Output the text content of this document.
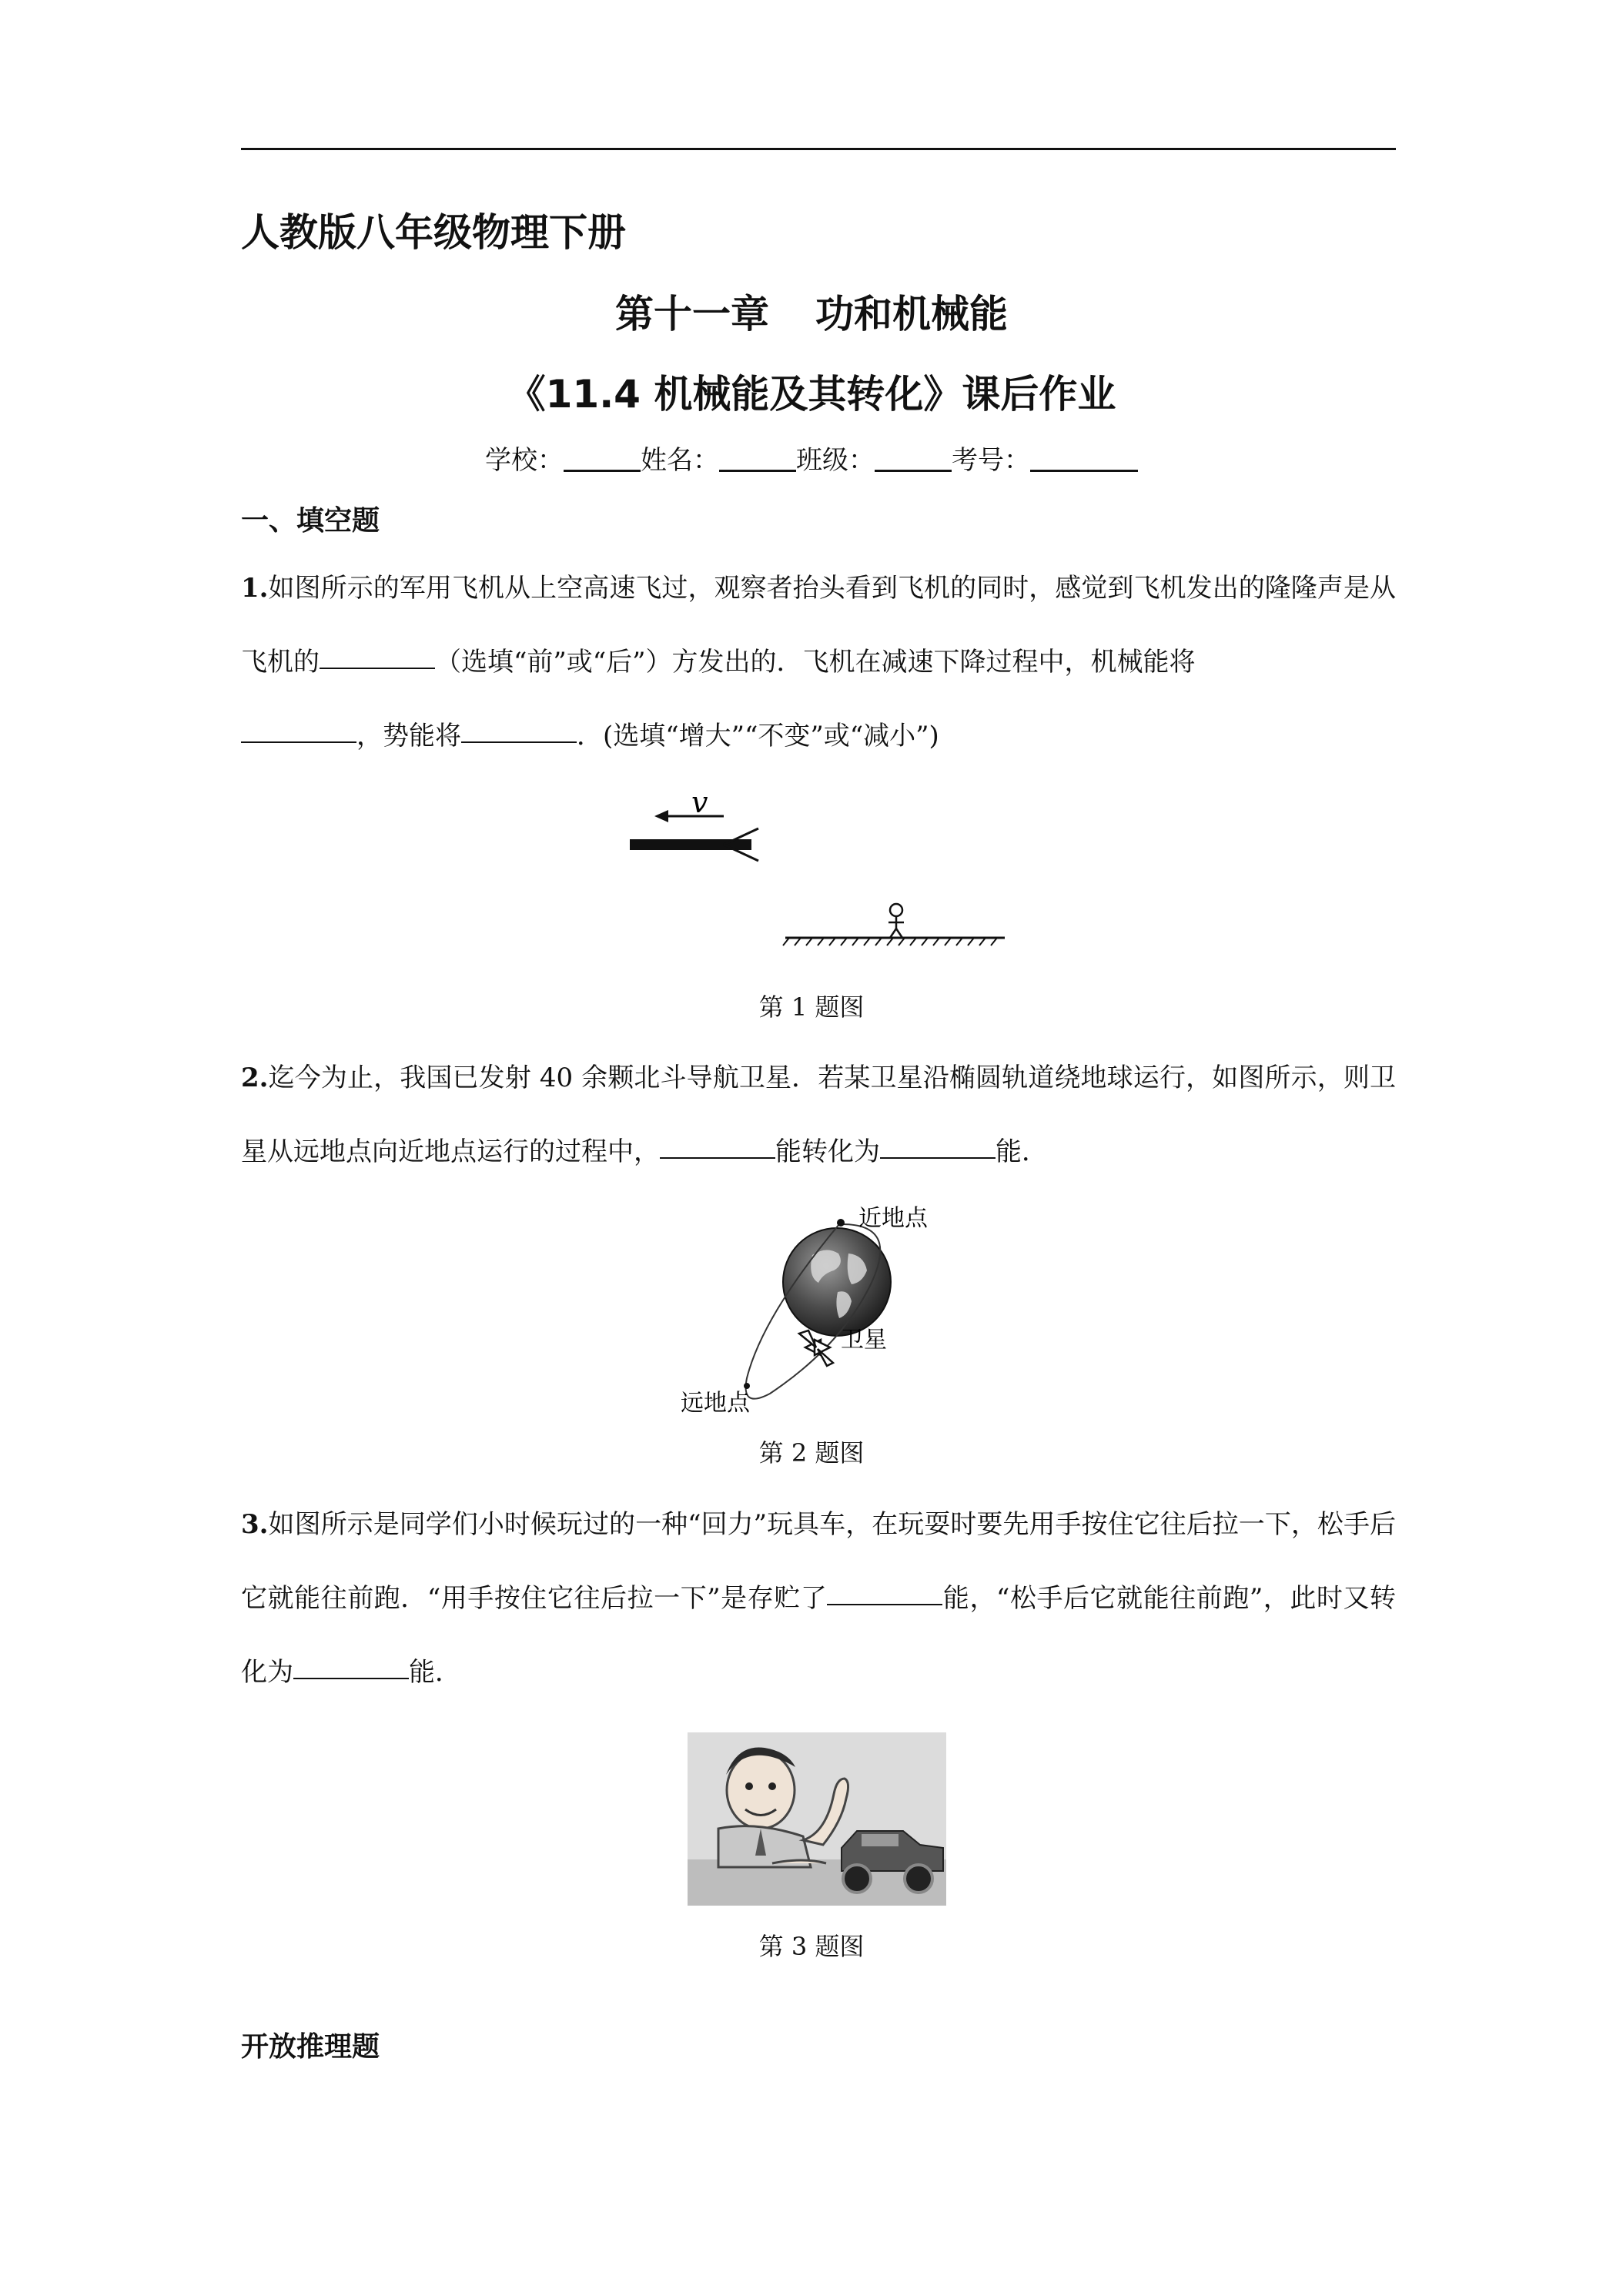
人教版八年级物理下册
第十一章 功和机械能
《11.4 机械能及其转化》课后作业
学校：	姓名：	班级：	考号：
一、填空题
1.如图所示的军用飞机从上空高速飞过，观察者抬头看到飞机的同时，感觉到飞机发出的隆隆声是从飞机的	（选填“前”或“后”）方发出的．飞机在减速下降过程中，机械能将
，势能将	．(选填“增大”“不变”或“减小”)
v
第 1 题图
2.迄今为止，我国已发射 40 余颗北斗导航卫星．若某卫星沿椭圆轨道绕地球运行，如图所示，则卫星从远地点向近地点运行的过程中，	能转化为	能．
近地点
卫星
远地点
第 2 题图
3.如图所示是同学们小时候玩过的一种“回力”玩具车，在玩耍时要先用手按住它往后拉一下，松手后它就能往前跑．“用手按住它往后拉一下”是存贮了	能，“松手后它就能往前跑”，此时又转化为	能．
第 3 题图
开放推理题
